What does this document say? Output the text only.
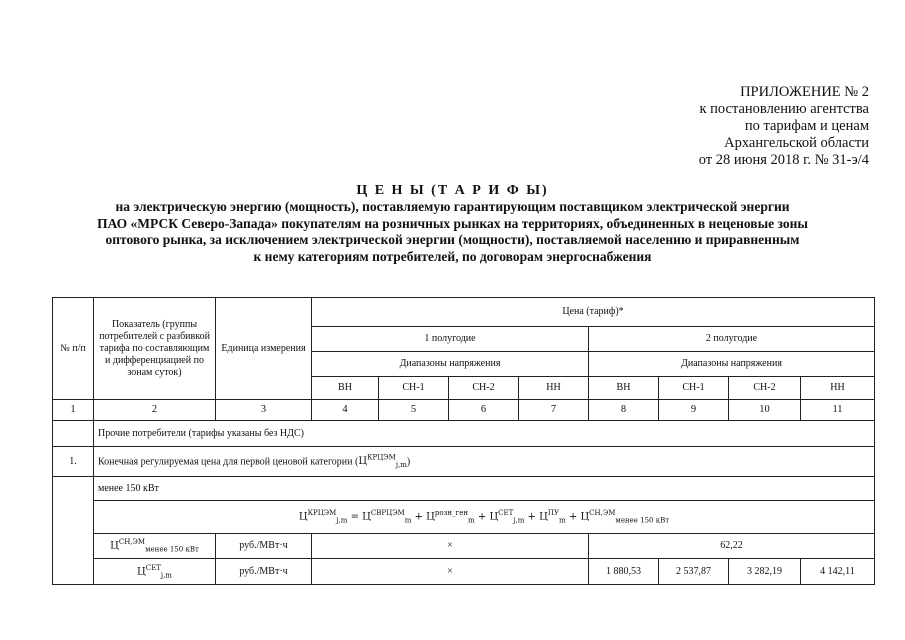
ПРИЛОЖЕНИЕ № 2
к постановлению агентства
по тарифам и ценам
Архангельской области
от 28 июня 2018 г. № 31-э/4
Ц Е Н Ы (Т А Р И Ф Ы)
на электрическую энергию (мощность), поставляемую гарантирующим поставщиком электрической энергии
ПАО «МРСК Северо-Запада» покупателям на розничных рынках на территориях, объединенных в неценовые зоны
оптового рынка, за исключением электрической энергии (мощности), поставляемой населению и приравненным
к нему категориям потребителей, по договорам энергоснабжения
№ п/п	Показатель (группы потребителей с разбивкой тарифа по составляющим и дифференциацией по зонам суток)	Единица измерения	Цена (тариф)*							
			1 полугодие				2 полугодие			
			Диапазоны напряжения				Диапазоны напряжения			
			ВН	СН-1	СН-2	НН	ВН	СН-1	СН-2	НН
1	2	3	4	5	6	7	8	9	10	11
	Прочие потребители (тарифы указаны без НДС)									
1.	Конечная регулируемая цена для первой ценовой категории $(Ц^{КРЦЭМ}_{j,m})$									
	менее 150 кВт									
	$Ц^{КРЦЭМ}_{j,m} = Ц^{СВРЦЭМ}_m + Ц^{розн\_ген}_m + Ц^{СЕТ}_{j,m} + Ц^{ПУ}_m + Ц^{СН,ЭМ}_{менее 150 кВт}$
	$Ц^{СН,ЭМ}_{менее 150 кВт}$	руб./МВт·ч	×				62,22			
	$Ц^{СЕТ}_{j,m}$	руб./МВт·ч	×				1 880,53	2 537,87	3 282,19	4 142,11
